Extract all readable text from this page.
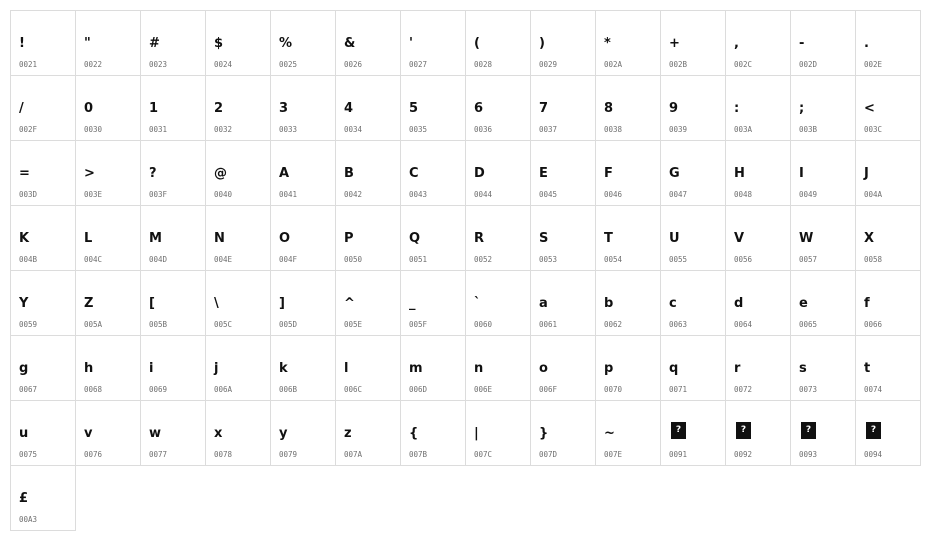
!
0021
"
0022
#
0023
$
0024
%
0025
&
0026
'
0027
(
0028
)
0029
*
002A
+
002B
,
002C
-
002D
.
002E
/
002F
0
0030
1
0031
2
0032
3
0033
4
0034
5
0035
6
0036
7
0037
8
0038
9
0039
:
003A
;
003B
<
003C
=
003D
>
003E
?
003F
@
0040
A
0041
B
0042
C
0043
D
0044
E
0045
F
0046
G
0047
H
0048
I
0049
J
004A
K
004B
L
004C
M
004D
N
004E
O
004F
P
0050
Q
0051
R
0052
S
0053
T
0054
U
0055
V
0056
W
0057
X
0058
Y
0059
Z
005A
[
005B
\
005C
]
005D
^
005E
_
005F
`
0060
a
0061
b
0062
c
0063
d
0064
e
0065
f
0066
g
0067
h
0068
i
0069
j
006A
k
006B
l
006C
m
006D
n
006E
o
006F
p
0070
q
0071
r
0072
s
0073
t
0074
u
0075
v
0076
w
0077
x
0078
y
0079
z
007A
{
007B
|
007C
}
007D
~
007E
?
0091
?
0092
?
0093
?
0094
£
00A3
